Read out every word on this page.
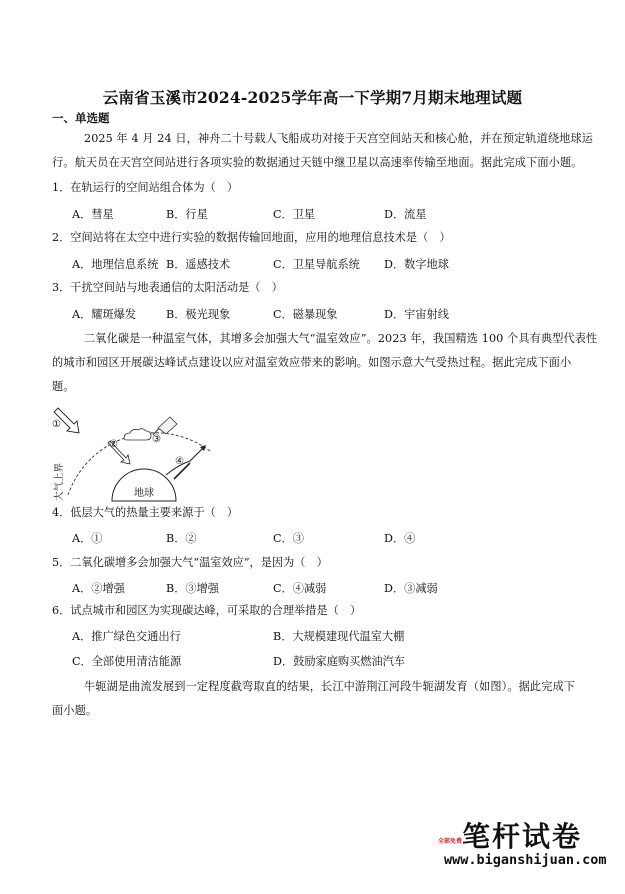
云南省玉溪市2024-2025学年高一下学期7月期末地理试题
一、单选题
2025 年 4 月 24 日，神舟二十号载人飞船成功对接于天宫空间站天和核心舱，并在预定轨道绕地球运
行。航天员在天宫空间站进行各项实验的数据通过天链中继卫星以高速率传输至地面。据此完成下面小题。
1．在轨运行的空间站组合体为（　）
A．彗星	B．行星	C．卫星	D．流星
2．空间站将在太空中进行实验的数据传输回地面，应用的地理信息技术是（　）
A．地理信息系统 B．遥感技术	C．卫星导航系统 D．数字地球
3．干扰空间站与地表通信的太阳活动是（　）
A．耀斑爆发	B．极光现象	C．磁暴现象	D．宇宙射线
二氧化碳是一种温室气体，其增多会加强大气“温室效应”。2023 年，我国精选 100 个具有典型代表性
的城市和园区开展碳达峰试点建设以应对温室效应带来的影响。如图示意大气受热过程。据此完成下面小
题。
地球
①
②	③
④
大气上界
4．低层大气的热量主要来源于（　）
A．①	B．②	C．③	D．④
5．二氧化碳增多会加强大气“温室效应”，是因为（　）
A．②增强	B．③增强	C．④减弱	D．③减弱
6．试点城市和园区为实现碳达峰，可采取的合理举措是（　）
A．推广绿色交通出行	B．大规模建现代温室大棚
C．全部使用清洁能源	D．鼓励家庭购买燃油汽车
牛轭湖是曲流发展到一定程度截弯取直的结果，长江中游荆江河段牛轭湖发育（如图）。据此完成下
面小题。
笔杆试卷
全部免费
www.biganshijuan.com
